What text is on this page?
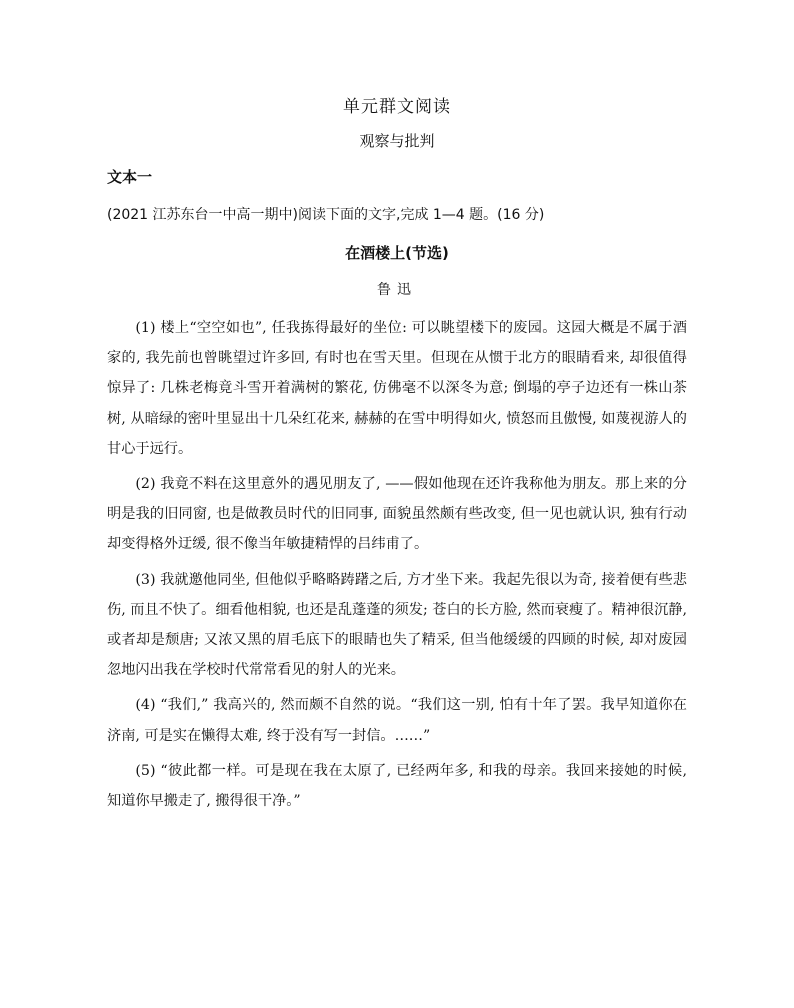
单元群文阅读
观察与批判
文本一
(2021 江苏东台一中高一期中)阅读下面的文字,完成 1—4 题。(16 分)
在酒楼上(节选)
鲁迅

(1) 楼上“空空如也”, 任我拣得最好的坐位: 可以眺望楼下的废园。这园大概是不属于酒家的, 我先前也曾眺望过许多回, 有时也在雪天里。但现在从惯于北方的眼睛看来, 却很值得惊异了: 几株老梅竟斗雪开着满树的繁花, 仿佛毫不以深冬为意; 倒塌的亭子边还有一株山茶树, 从暗绿的密叶里显出十几朵红花来, 赫赫的在雪中明得如火, 愤怒而且傲慢, 如蔑视游人的甘心于远行。

(2) 我竟不料在这里意外的遇见朋友了, ——假如他现在还许我称他为朋友。那上来的分明是我的旧同窗, 也是做教员时代的旧同事, 面貌虽然颇有些改变, 但一见也就认识, 独有行动却变得格外迂缓, 很不像当年敏捷精悍的吕纬甫了。

(3) 我就邀他同坐, 但他似乎略略踌躇之后, 方才坐下来。我起先很以为奇, 接着便有些悲伤, 而且不快了。细看他相貌, 也还是乱蓬蓬的须发; 苍白的长方脸, 然而衰瘦了。精神很沉静, 或者却是颓唐; 又浓又黑的眉毛底下的眼睛也失了精采, 但当他缓缓的四顾的时候, 却对废园忽地闪出我在学校时代常常看见的射人的光来。

(4) “我们,” 我高兴的, 然而颇不自然的说。“我们这一别, 怕有十年了罢。我早知道你在济南, 可是实在懒得太难, 终于没有写一封信。……”

(5) “彼此都一样。可是现在我在太原了, 已经两年多, 和我的母亲。我回来接她的时候, 知道你早搬走了, 搬得很干净。”
